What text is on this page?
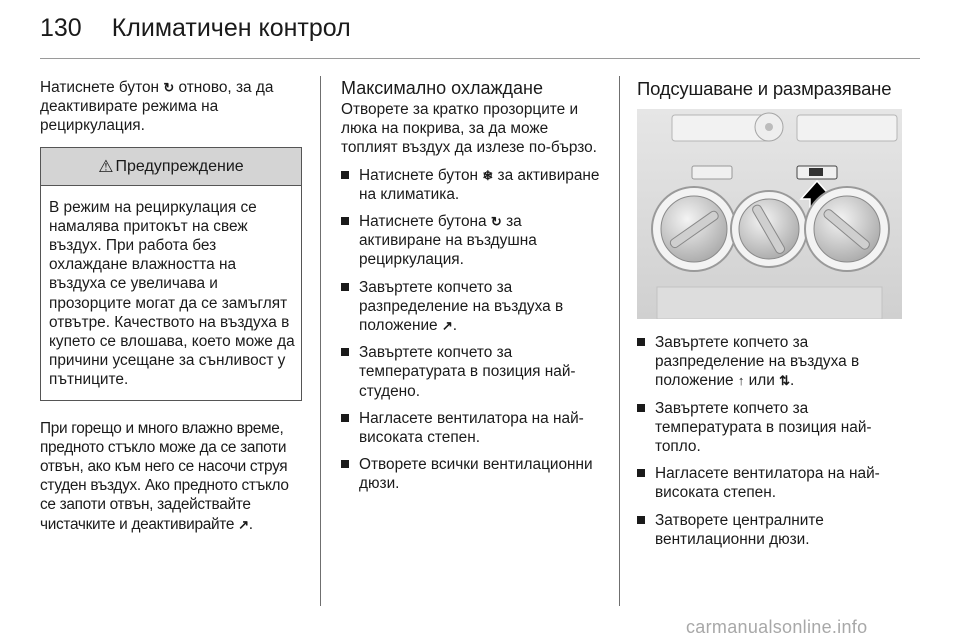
130 Климатичен контрол

Натиснете бутон ↻ отново, за да деактивирате режима на рециркулация.

⚠ Предупреждение
В режим на рециркулация се намалява притокът на свеж въздух. При работа без охлаждане влажността на въздуха се увеличава и прозорците могат да се замъглят отвътре. Качеството на въздуха в купето се влошава, което може да причини усещане за сънливост у пътниците.

При горещо и много влажно време, предното стъкло може да се запоти отвън, ако към него се насочи струя студен въздух. Ако предното стъкло се запоти отвън, задействайте чистачките и деактивирайте ↗.

Максимално охлаждане

Отворете за кратко прозорците и люка на покрива, за да може топлият въздух да излезе по-бързо.

Натиснете бутон ❄ за активиране на климатика.
Натиснете бутона ↻ за активиране на въздушна рециркулация.
Завъртете копчето за разпределение на въздуха в положение ↗.
Завъртете копчето за температурата в позиция най-студено.
Нагласете вентилатора на най-високата степен.
Отворете всички вентилационни дюзи.
Подсушаване и размразяване
Завъртете копчето за разпределение на въздуха в положение ↑ или ⇅.
Завъртете копчето за температурата в позиция най-топло.
Нагласете вентилатора на най-високата степен.
Затворете централните вентилационни дюзи.
carmanualsonline.info
